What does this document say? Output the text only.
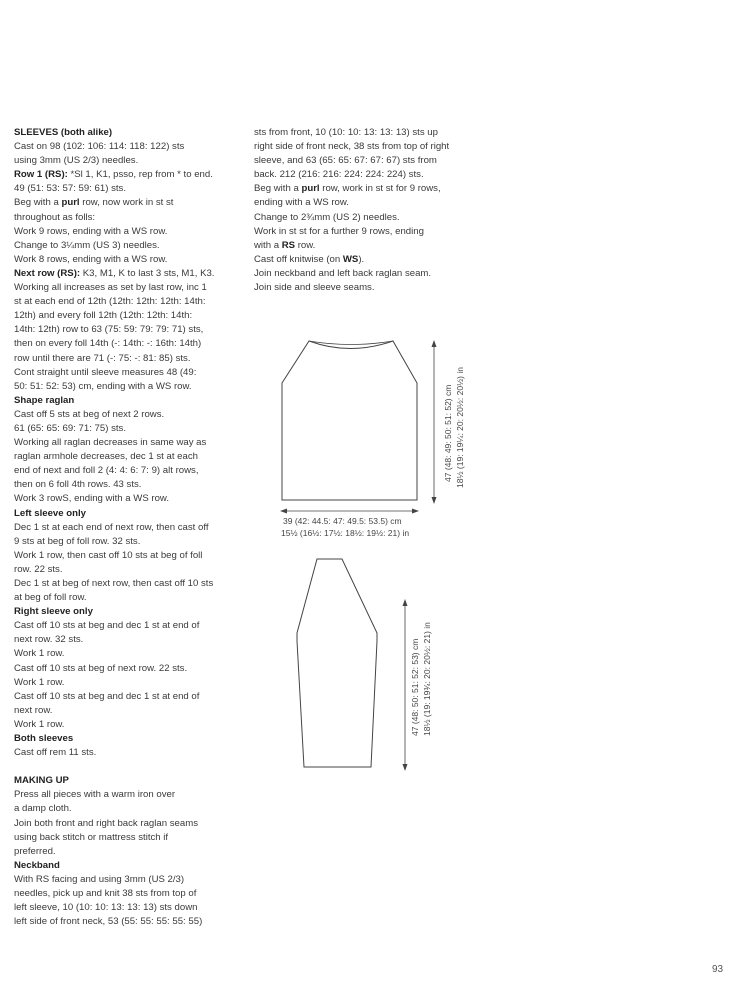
SLEEVES (both alike)
Cast on 98 (102: 106: 114: 118: 122) sts
using 3mm (US 2/3) needles.
Row 1 (RS): *Sl 1, K1, psso, rep from * to end.
49 (51: 53: 57: 59: 61) sts.
Beg with a purl row, now work in st st
throughout as folls:
Work 9 rows, ending with a WS row.
Change to 3¼mm (US 3) needles.
Work 8 rows, ending with a WS row.
Next row (RS): K3, M1, K to last 3 sts, M1, K3.
Working all increases as set by last row, inc 1
st at each end of 12th (12th: 12th: 12th: 14th:
12th) and every foll 12th (12th: 12th: 14th:
14th: 12th) row to 63 (75: 59: 79: 79: 71) sts,
then on every foll 14th (-: 14th: -: 16th: 14th)
row until there are 71 (-: 75: -: 81: 85) sts.
Cont straight until sleeve measures 48 (49:
50: 51: 52: 53) cm, ending with a WS row.
Shape raglan
Cast off 5 sts at beg of next 2 rows.
61 (65: 65: 69: 71: 75) sts.
Working all raglan decreases in same way as
raglan armhole decreases, dec 1 st at each
end of next and foll 2 (4: 4: 6: 7: 9) alt rows,
then on 6 foll 4th rows. 43 sts.
Work 3 rowS, ending with a WS row.
Left sleeve only
Dec 1 st at each end of next row, then cast off
9 sts at beg of foll row. 32 sts.
Work 1 row, then cast off 10 sts at beg of foll
row. 22 sts.
Dec 1 st at beg of next row, then cast off 10 sts
at beg of foll row.
Right sleeve only
Cast off 10 sts at beg and dec 1 st at end of
next row. 32 sts.
Work 1 row.
Cast off 10 sts at beg of next row. 22 sts.
Work 1 row.
Cast off 10 sts at beg and dec 1 st at end of
next row.
Work 1 row.
Both sleeves
Cast off rem 11 sts.
MAKING UP
Press all pieces with a warm iron over
a damp cloth.
Join both front and right back raglan seams
using back stitch or mattress stitch if
preferred.
Neckband
With RS facing and using 3mm (US 2/3)
needles, pick up and knit 38 sts from top of
left sleeve, 10 (10: 10: 13: 13: 13) sts down
left side of front neck, 53 (55: 55: 55: 55: 55)
sts from front, 10 (10: 10: 13: 13: 13) sts up
right side of front neck, 38 sts from top of right
sleeve, and 63 (65: 65: 67: 67: 67) sts from
back. 212 (216: 216: 224: 224: 224) sts.
Beg with a purl row, work in st st for 9 rows,
ending with a WS row.
Change to 2¾mm (US 2) needles.
Work in st st for a further 9 rows, ending
with a RS row.
Cast off knitwise (on WS).
Join neckband and left back raglan seam.
Join side and sleeve seams.
39 (42: 44.5: 47: 49.5: 53.5) cm
15½ (16½: 17½: 18½: 19½: 21) in
47 (48: 49: 50: 51: 52) cm 18½ (19: 19¼: 20: 20½: 20½) in
47 (48: 50: 51: 52: 53) cm 18½ (19: 19¾: 20: 20½: 21) in
93
